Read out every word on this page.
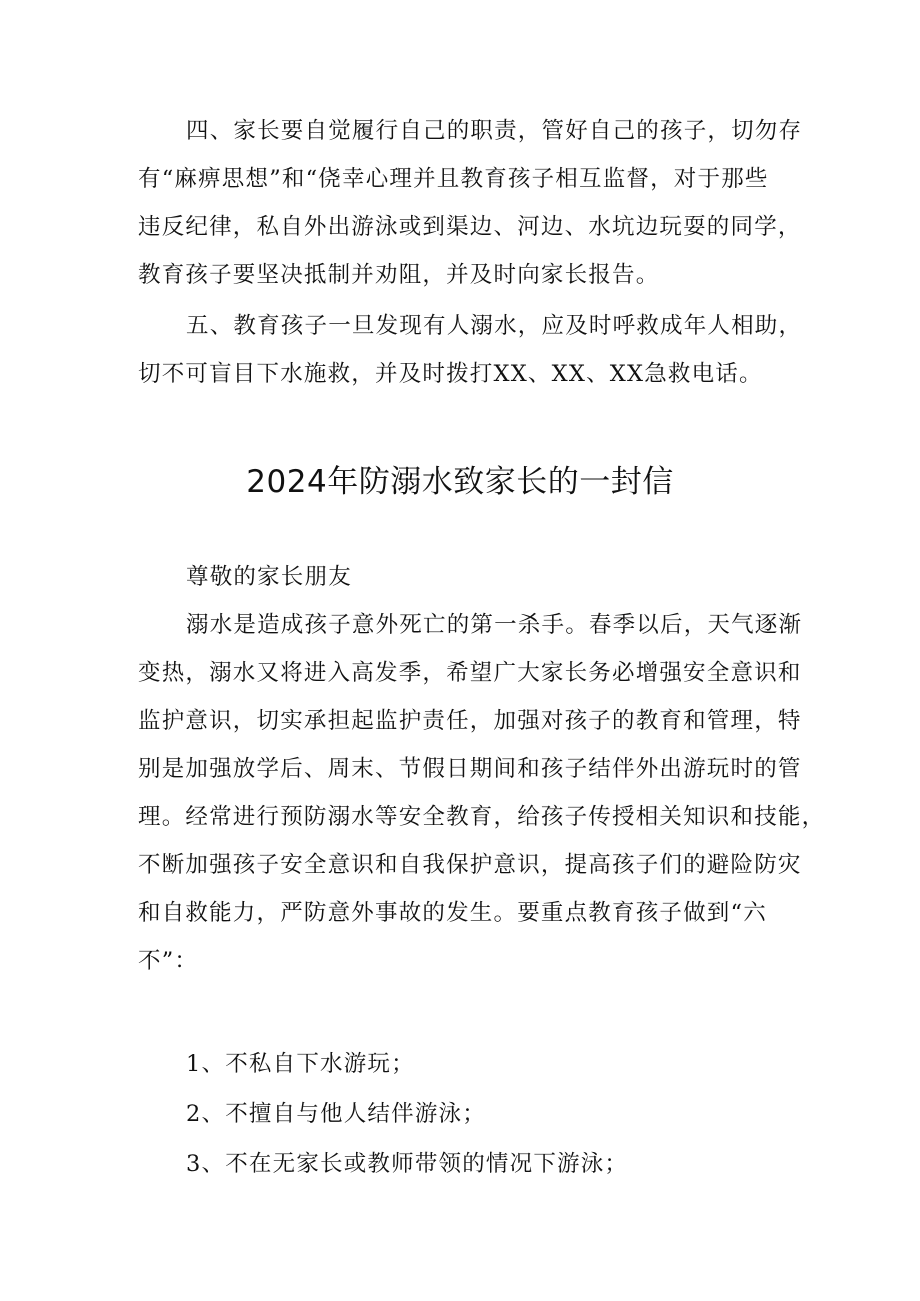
四、家长要自觉履行自己的职责，管好自己的孩子，切勿存
有“麻痹思想”和“侥幸心理并且教育孩子相互监督，对于那些
违反纪律，私自外出游泳或到渠边、河边、水坑边玩耍的同学，
教育孩子要坚决抵制并劝阻，并及时向家长报告。
五、教育孩子一旦发现有人溺水，应及时呼救成年人相助，
切不可盲目下水施救，并及时拨打XX、XX、XX急救电话。
2024年防溺水致家长的一封信
尊敬的家长朋友
溺水是造成孩子意外死亡的第一杀手。春季以后，天气逐渐
变热，溺水又将进入高发季，希望广大家长务必增强安全意识和
监护意识，切实承担起监护责任，加强对孩子的教育和管理，特
别是加强放学后、周末、节假日期间和孩子结伴外出游玩时的管
理。经常进行预防溺水等安全教育，给孩子传授相关知识和技能，
不断加强孩子安全意识和自我保护意识，提高孩子们的避险防灾
和自救能力，严防意外事故的发生。要重点教育孩子做到“六
不”：
1、不私自下水游玩；
2、不擅自与他人结伴游泳；
3、不在无家长或教师带领的情况下游泳；
